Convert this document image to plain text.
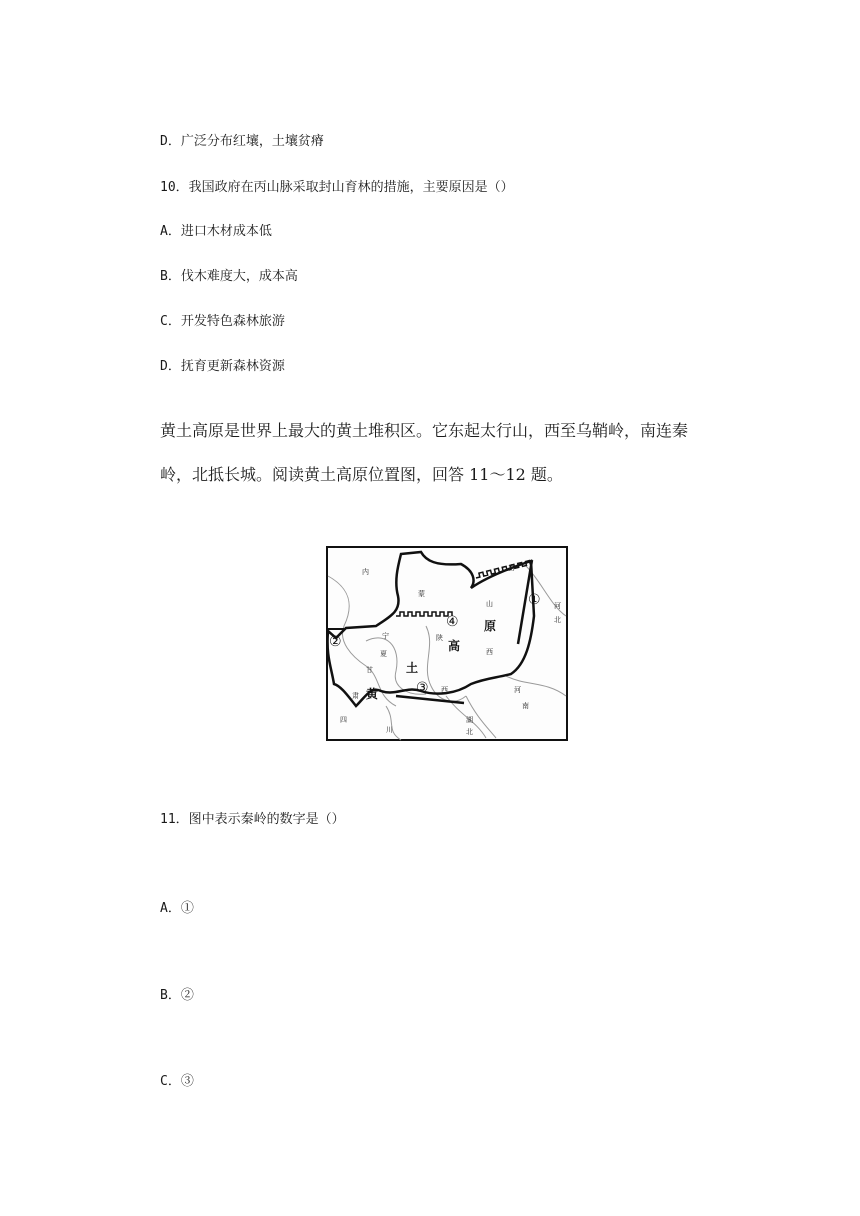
D．广泛分布红壤，土壤贫瘠
10．我国政府在丙山脉采取封山育林的措施，主要原因是（）
A．进口木材成本低
B．伐木难度大，成本高
C．开发特色森林旅游
D．抚育更新森林资源
黄土高原是世界上最大的黄土堆积区。它东起太行山，西至乌鞘岭，南连秦
岭，北抵长城。阅读黄土高原位置图，回答 11～12 题。
内
蒙
古
山
西
河
北
宁
夏
甘
肃
陕
西	河
南
四
川
湖
北
黄
土
高
原
①
②
③
④
11．图中表示秦岭的数字是（）
A．①
B．②
C．③
